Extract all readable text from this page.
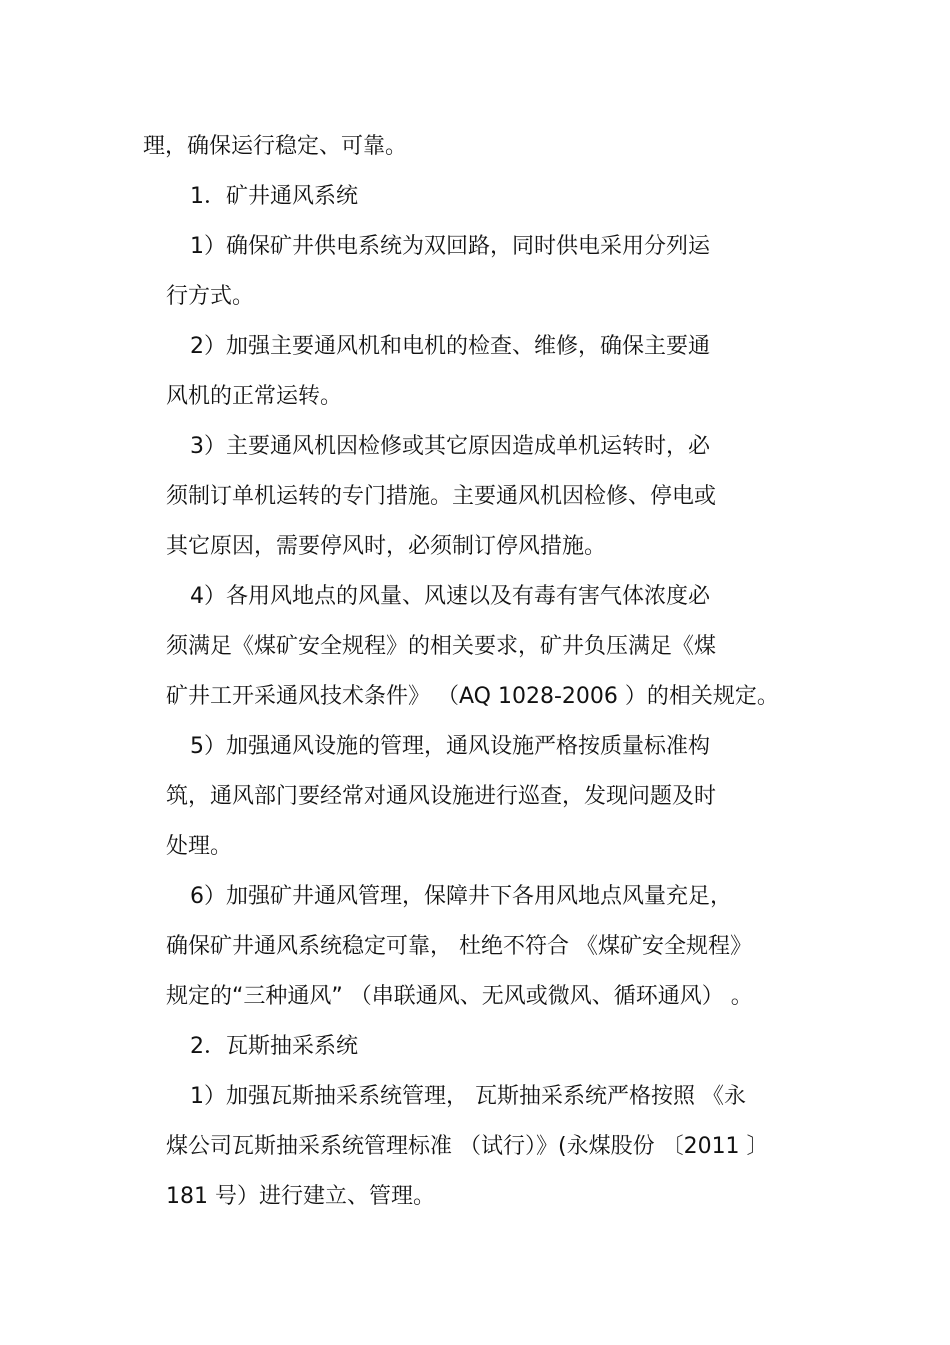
理，确保运行稳定、可靠。

1．矿井通风系统

1）确保矿井供电系统为双回路，同时供电采用分列运

行方式。

2）加强主要通风机和电机的检查、维修，确保主要通

风机的正常运转。

3）主要通风机因检修或其它原因造成单机运转时，必

须制订单机运转的专门措施。主要通风机因检修、停电或

其它原因，需要停风时，必须制订停风措施。

4）各用风地点的风量、风速以及有毒有害气体浓度必

须满足《煤矿安全规程》的相关要求，矿井负压满足《煤

矿井工开采通风技术条件》 （AQ 1028-2006 ）的相关规定。

5）加强通风设施的管理，通风设施严格按质量标准构

筑，通风部门要经常对通风设施进行巡查，发现问题及时

处理。

6）加强矿井通风管理，保障井下各用风地点风量充足，

确保矿井通风系统稳定可靠， 杜绝不符合 《煤矿安全规程》

规定的“三种通风” （串联通风、无风或微风、循环通风） 。

2．瓦斯抽采系统

1）加强瓦斯抽采系统管理， 瓦斯抽采系统严格按照 《永

煤公司瓦斯抽采系统管理标准 （试行）》(永煤股份 〔2011 〕

181 号）进行建立、管理。
